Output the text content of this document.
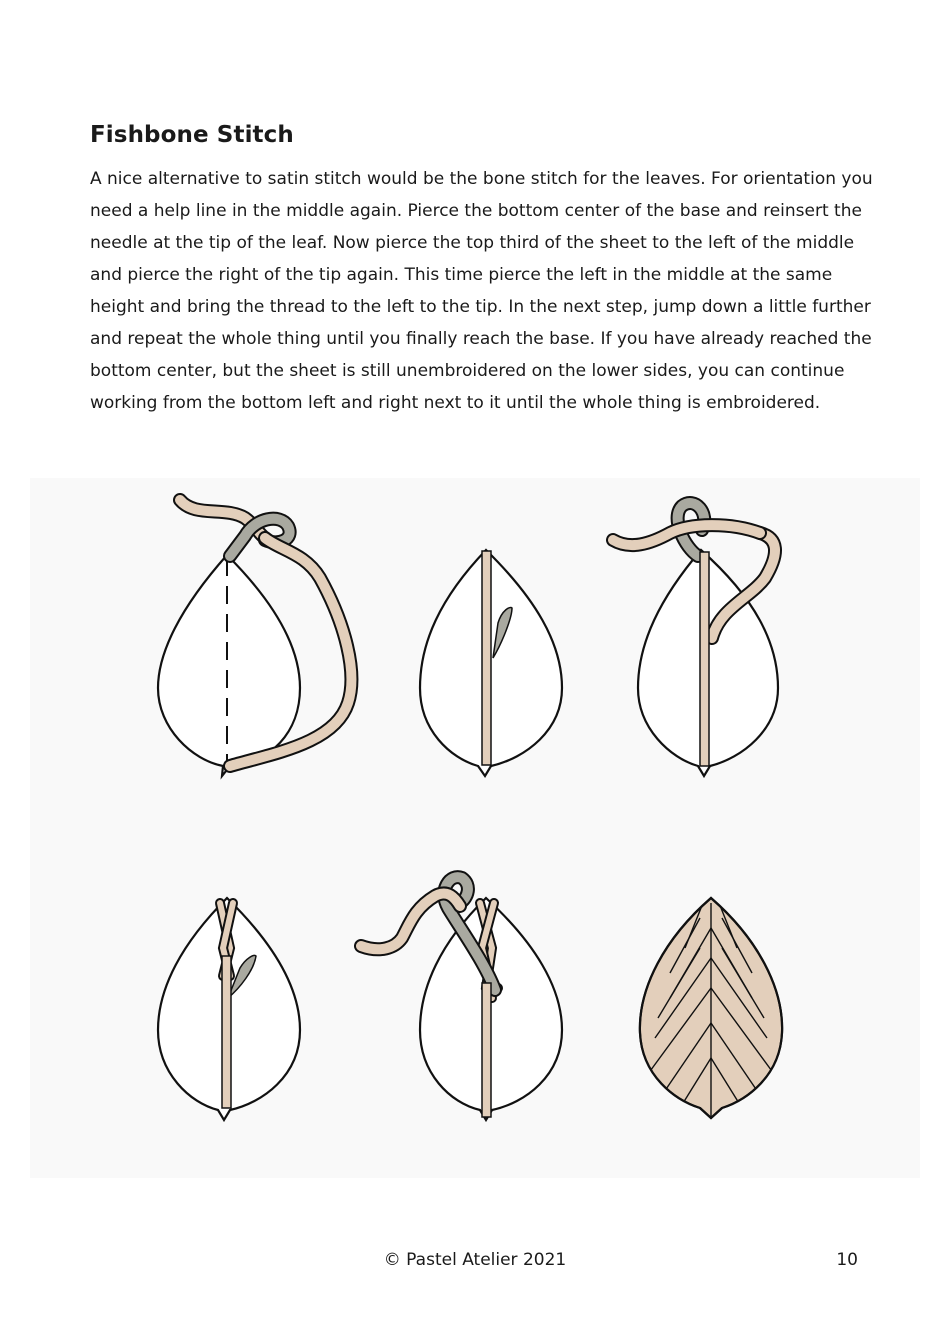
Fishbone Stitch

A nice alternative to satin stitch would be the bone stitch for the leaves. For orientation you need a help line in the middle again. Pierce the bottom center of the base and reinsert the needle at the tip of the leaf. Now pierce the top third of the sheet to the left of the middle and pierce the right of the tip again. This time pierce the left in the middle at the same height and bring the thread to the left to the tip. In the next step, jump down a little further and repeat the whole thing until you finally reach the base. If you have already reached the bottom center, but the sheet is still unembroidered on the lower sides, you can continue working from the bottom left and right next to it until the whole thing is embroidered.

© Pastel Atelier 2021	10
